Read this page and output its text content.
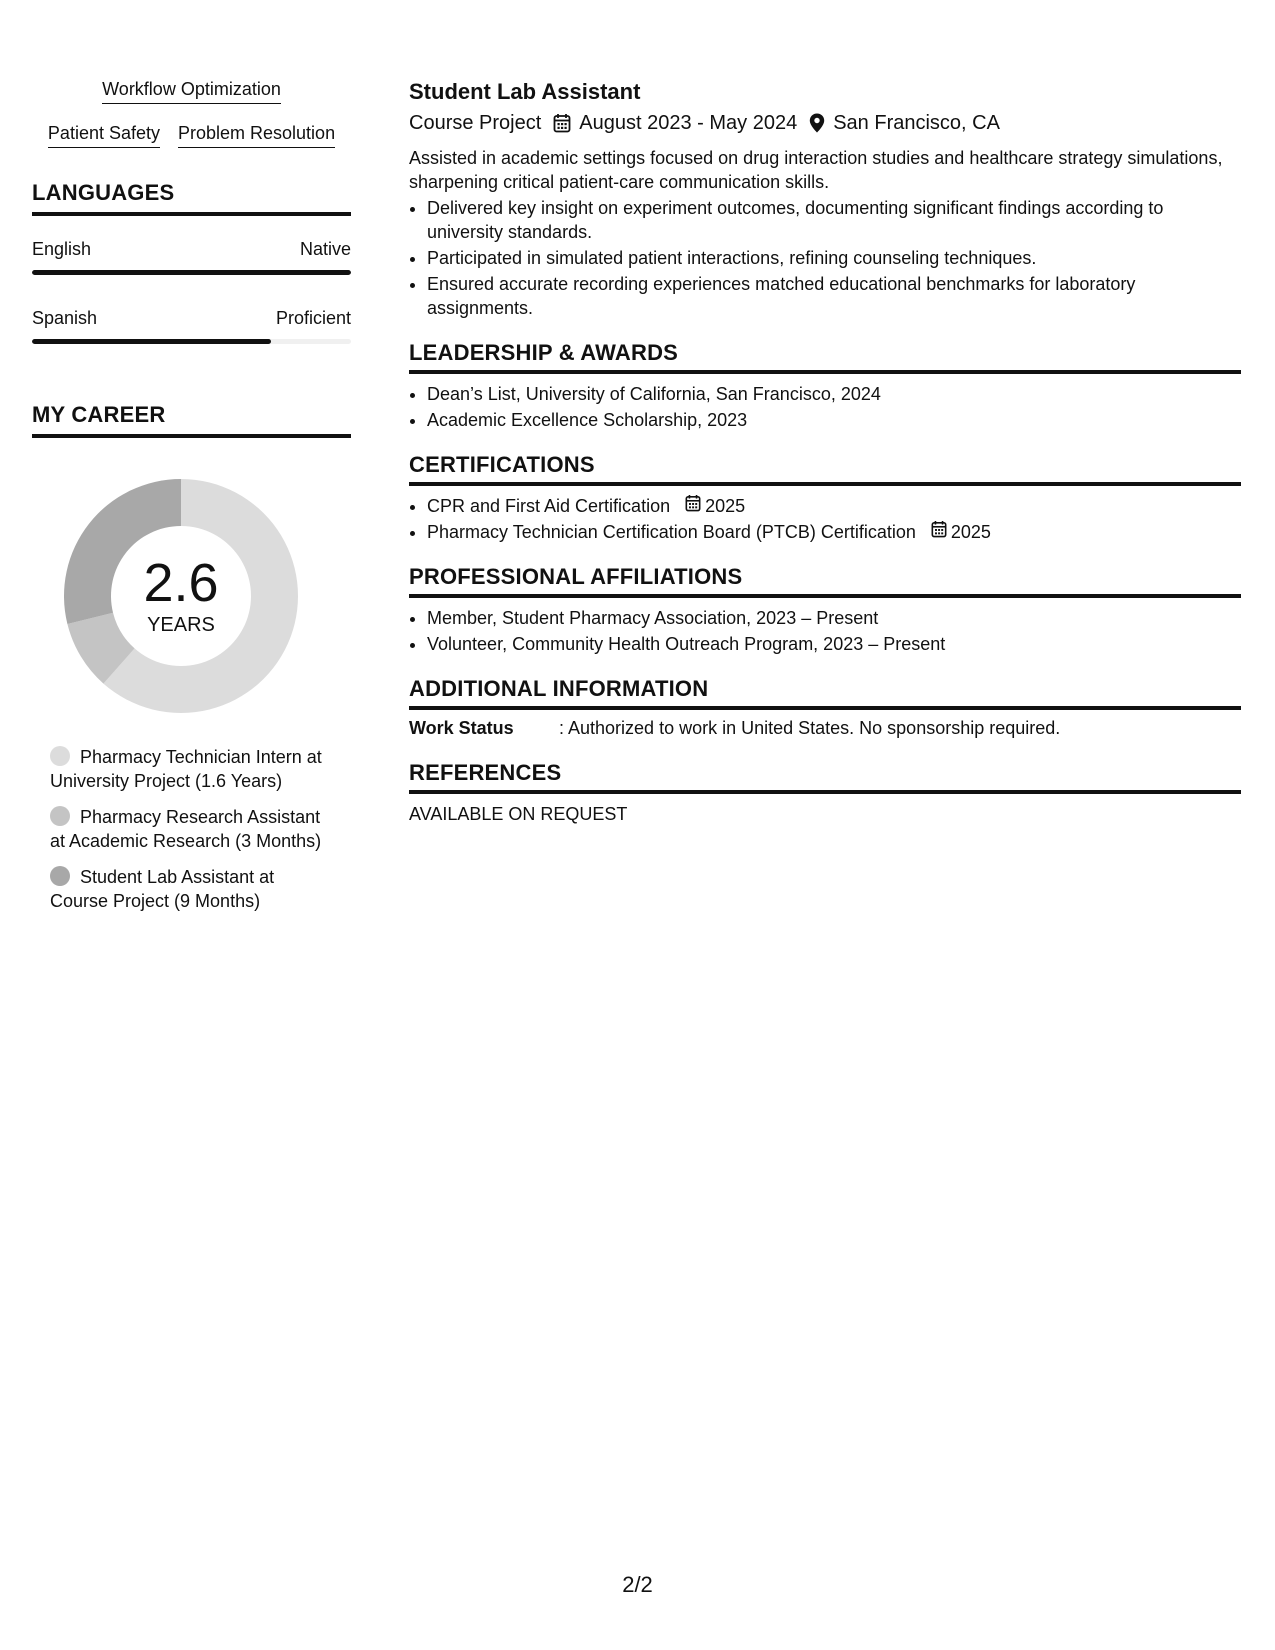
Workflow Optimization
Patient Safety Problem Resolution
LANGUAGES
English	Native
Spanish	Proficient
MY CAREER
2.6
YEARS
Pharmacy Technician Intern at University Project (1.6 Years)
Pharmacy Research Assistant at Academic Research (3 Months)
Student Lab Assistant at Course Project (9 Months)
Student Lab Assistant
Course Project August 2023 - May 2024 San Francisco, CA
Assisted in academic settings focused on drug interaction studies and healthcare strategy simulations, sharpening critical patient-care communication skills.
• Delivered key insight on experiment outcomes, documenting significant findings according to university standards.
• Participated in simulated patient interactions, refining counseling techniques.
• Ensured accurate recording experiences matched educational benchmarks for laboratory assignments.
LEADERSHIP & AWARDS
• Dean’s List, University of California, San Francisco, 2024
• Academic Excellence Scholarship, 2023
CERTIFICATIONS
• CPR and First Aid Certification 2025
• Pharmacy Technician Certification Board (PTCB) Certification 2025
PROFESSIONAL AFFILIATIONS
• Member, Student Pharmacy Association, 2023 – Present
• Volunteer, Community Health Outreach Program, 2023 – Present
ADDITIONAL INFORMATION
Work Status	: Authorized to work in United States. No sponsorship required.
REFERENCES
AVAILABLE ON REQUEST
2/2
